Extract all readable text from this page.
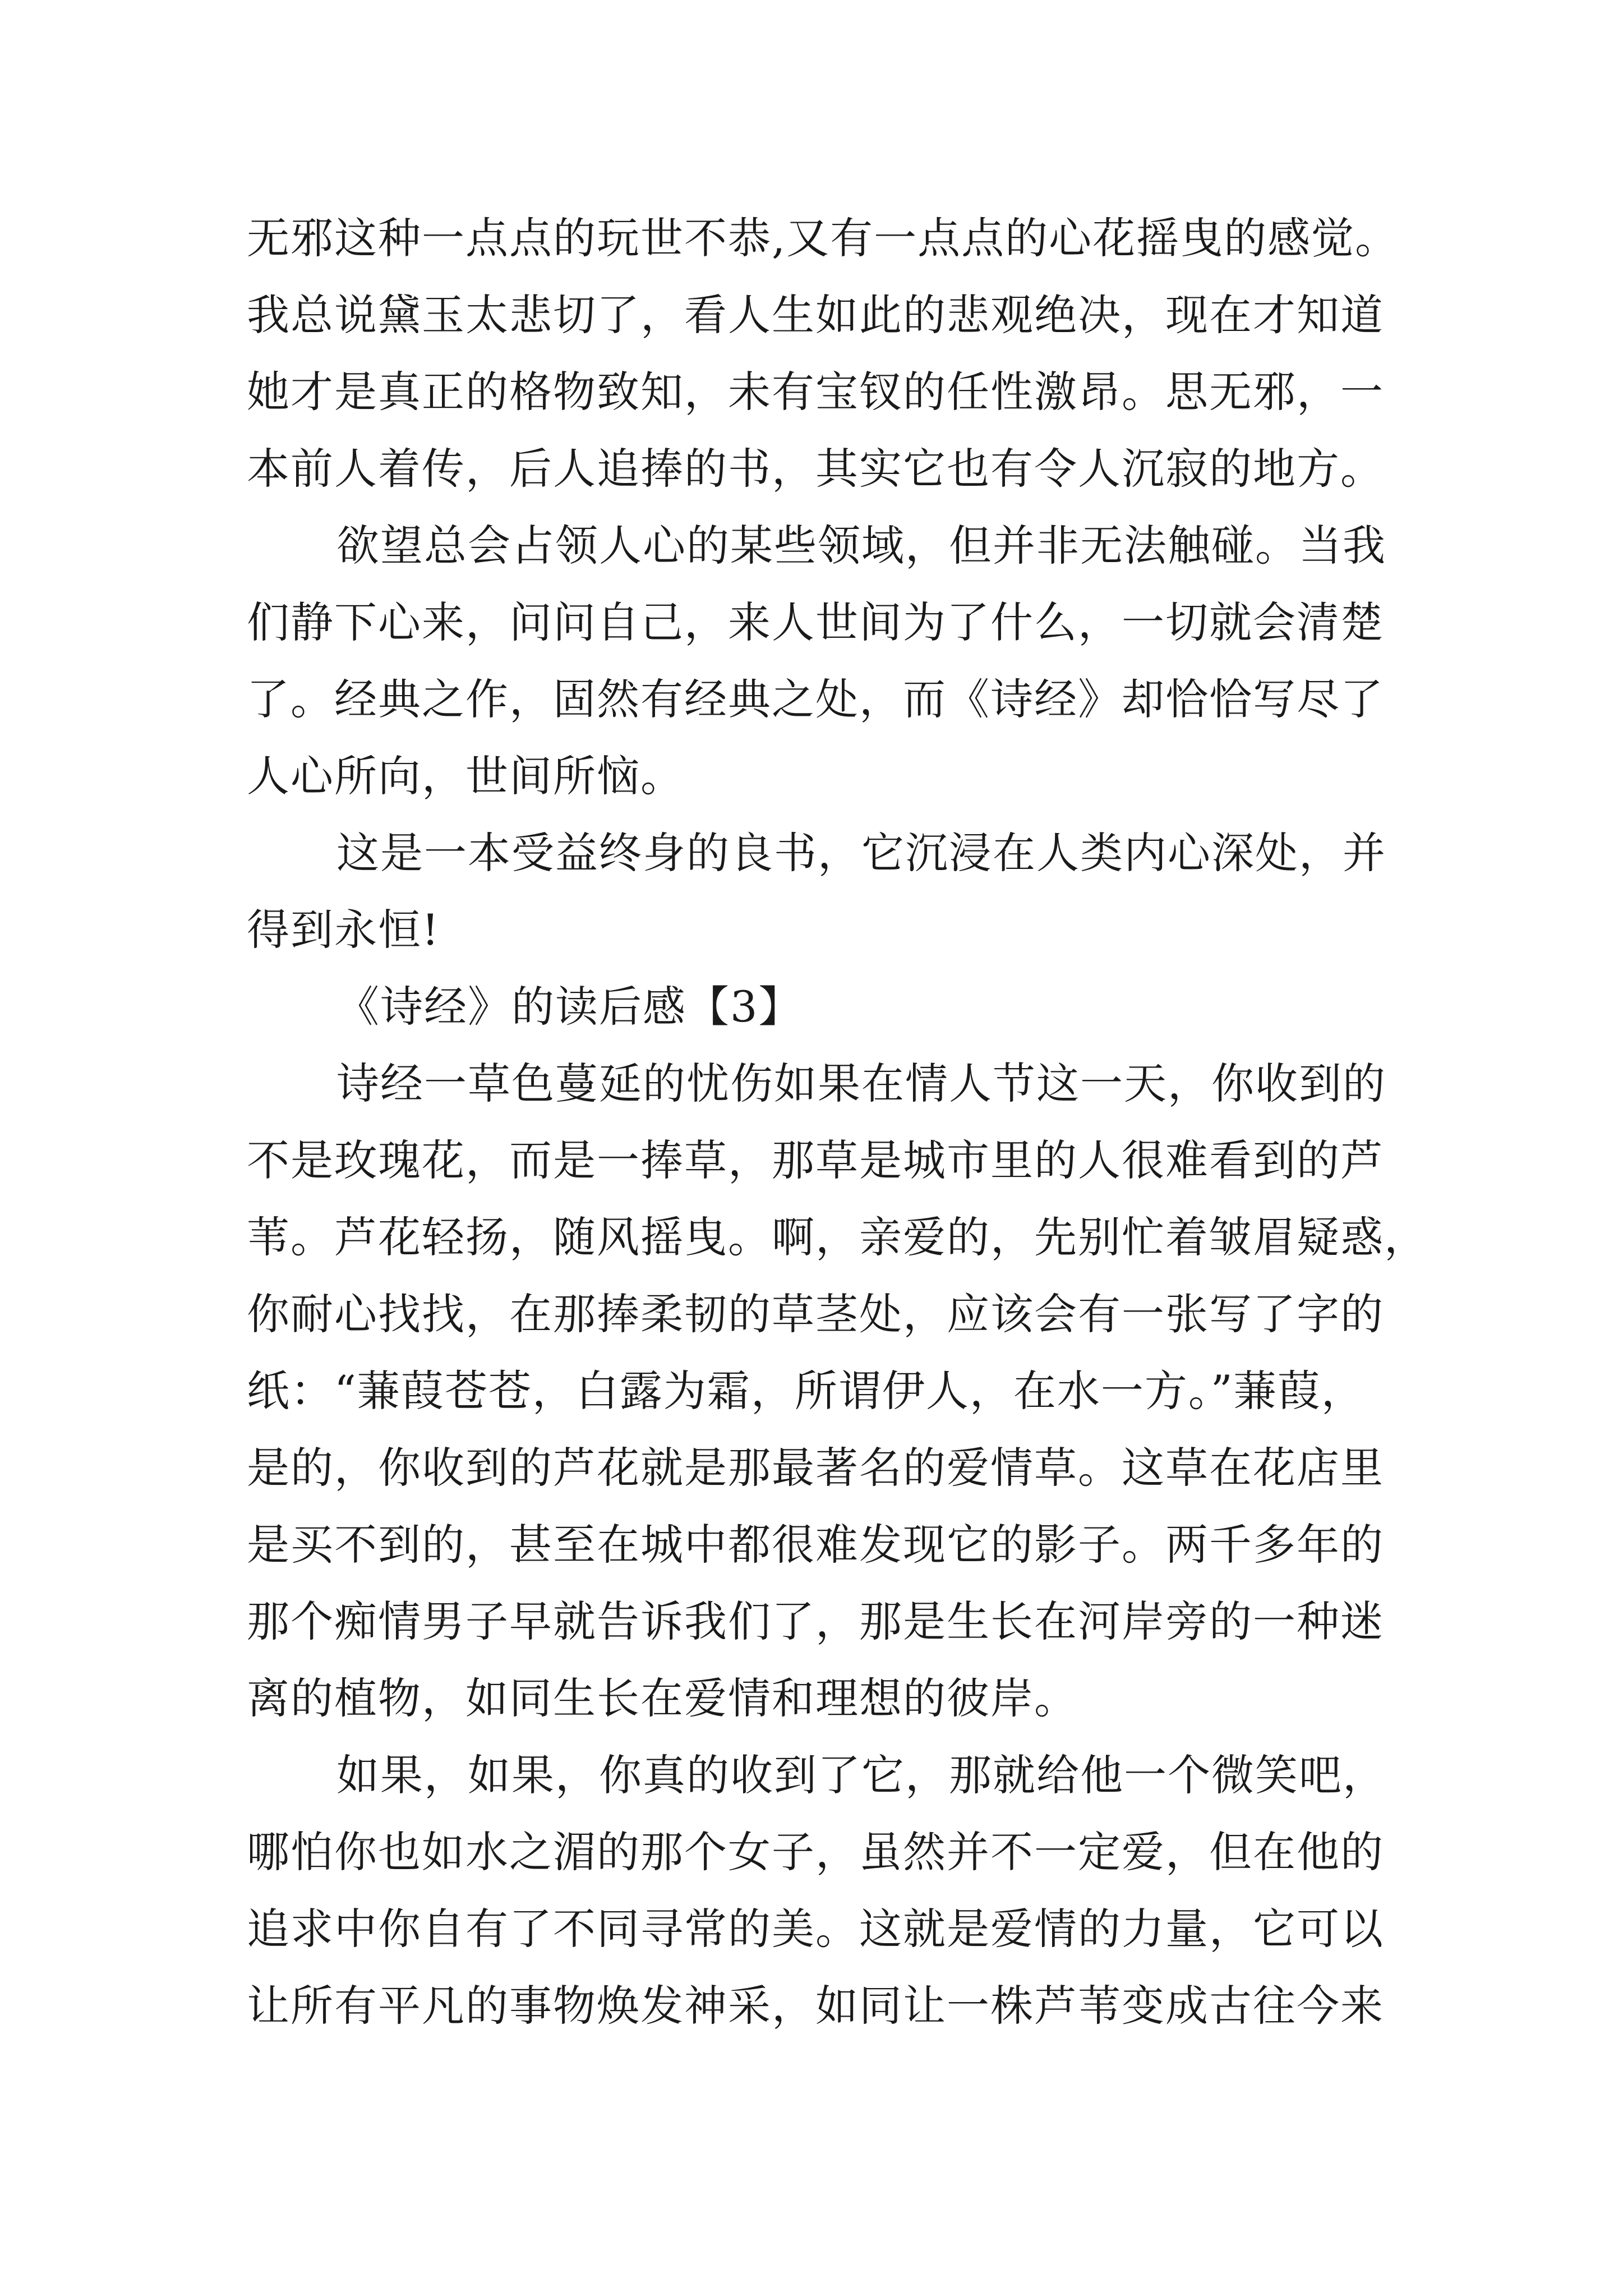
无邪这种一点点的玩世不恭,又有一点点的心花摇曳的感觉。

我总说黛玉太悲切了，看人生如此的悲观绝决，现在才知道

她才是真正的格物致知，未有宝钗的任性激昂。思无邪，一

本前人着传，后人追捧的书，其实它也有令人沉寂的地方。

欲望总会占领人心的某些领域，但并非无法触碰。当我

们静下心来，问问自己，来人世间为了什么，一切就会清楚

了。经典之作，固然有经典之处，而《诗经》却恰恰写尽了

人心所向，世间所恼。

这是一本受益终身的良书，它沉浸在人类内心深处，并

得到永恒!

《诗经》的读后感【3】

诗经一草色蔓延的忧伤如果在情人节这一天，你收到的

不是玫瑰花，而是一捧草，那草是城市里的人很难看到的芦

苇。芦花轻扬，随风摇曳。啊，亲爱的，先别忙着皱眉疑惑，

你耐心找找，在那捧柔韧的草茎处，应该会有一张写了字的

纸：“蒹葭苍苍，白露为霜，所谓伊人，在水一方。”蒹葭，

是的，你收到的芦花就是那最著名的爱情草。这草在花店里

是买不到的，甚至在城中都很难发现它的影子。两千多年的

那个痴情男子早就告诉我们了，那是生长在河岸旁的一种迷

离的植物，如同生长在爱情和理想的彼岸。

如果，如果，你真的收到了它，那就给他一个微笑吧，

哪怕你也如水之湄的那个女子，虽然并不一定爱，但在他的

追求中你自有了不同寻常的美。这就是爱情的力量，它可以

让所有平凡的事物焕发神采，如同让一株芦苇变成古往今来
